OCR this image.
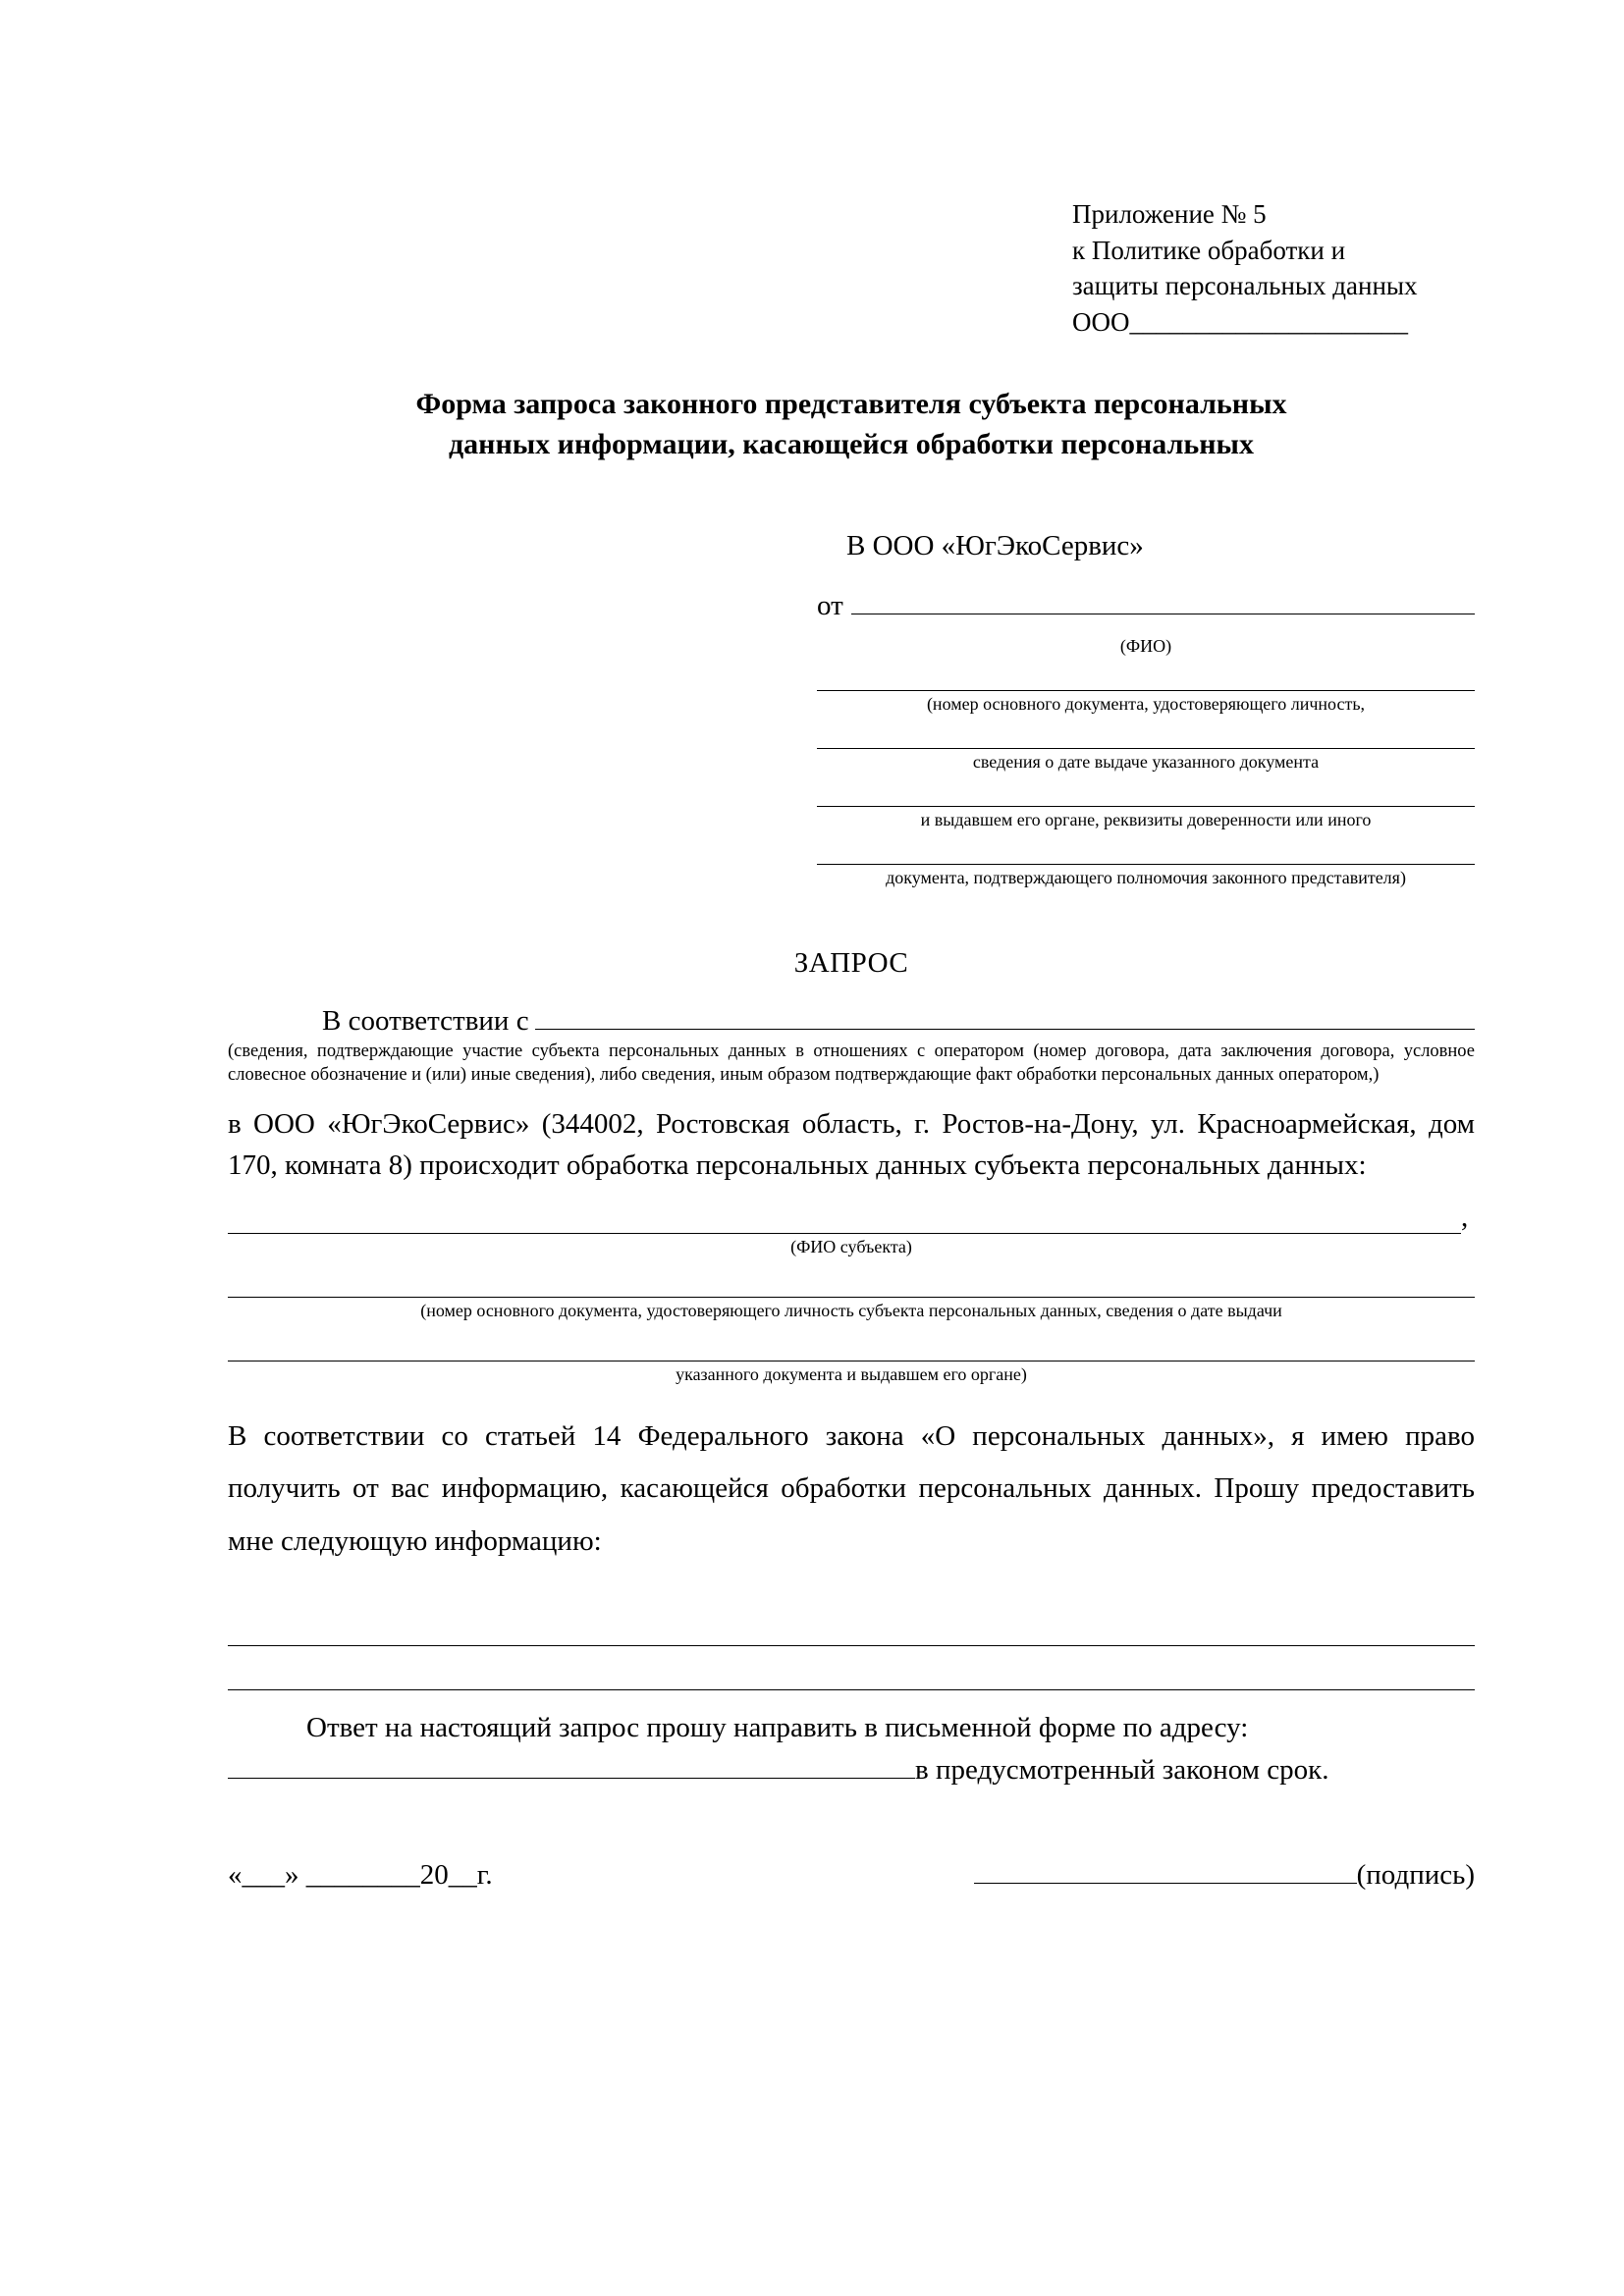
Приложение № 5
к Политике обработки и
защиты персональных данных
ООО_____________________
Форма запроса законного представителя субъекта персональных
данных информации, касающейся обработки персональных
В ООО «ЮгЭкоСервис»
от
(ФИО)
(номер основного документа, удостоверяющего личность,
сведения о дате выдаче указанного документа
и выдавшем его органе, реквизиты доверенности или иного
документа, подтверждающего полномочия законного представителя)
ЗАПРОС
В соответствии с
(сведения, подтверждающие участие субъекта персональных данных в отношениях с оператором (номер договора, дата заключения договора, условное словесное обозначение и (или) иные сведения), либо сведения, иным образом подтверждающие факт обработки персональных данных оператором,)
в ООО «ЮгЭкоСервис» (344002, Ростовская область, г. Ростов-на-Дону, ул. Красноармейская, дом 170, комната 8) происходит обработка персональных данных субъекта персональных данных:
,
(ФИО субъекта)
(номер основного документа, удостоверяющего личность субъекта персональных данных, сведения о дате выдачи
указанного документа и выдавшем его органе)
В соответствии со статьей 14 Федерального закона «О персональных данных», я имею право получить от вас информацию, касающейся обработки персональных данных. Прошу предоставить мне следующую информацию:
Ответ на настоящий запрос прошу направить в письменной форме по адресу:
в предусмотренный законом срок.
«___» ________20__г.	(подпись)
